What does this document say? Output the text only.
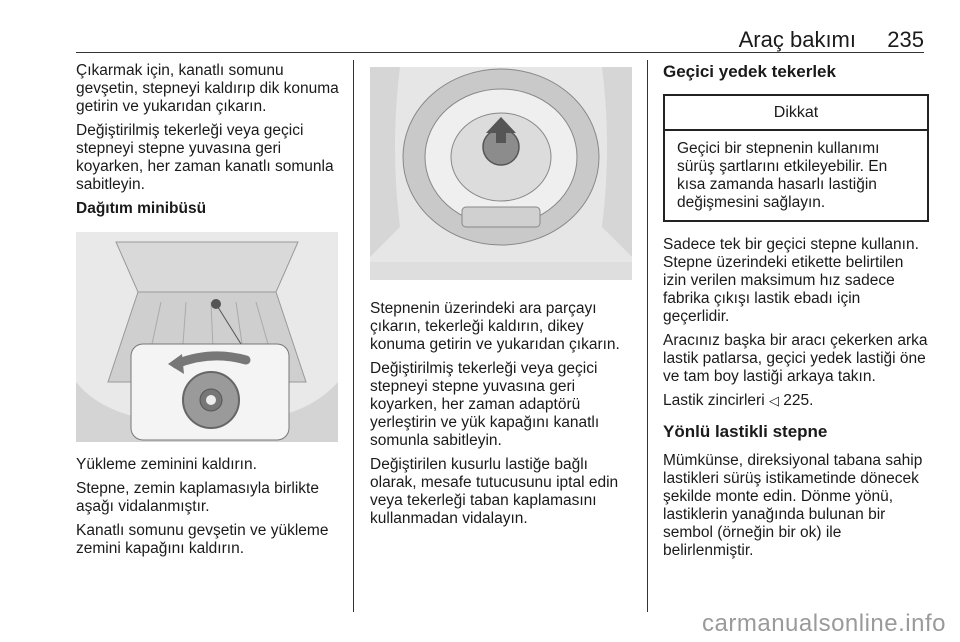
Araç bakımı 235

Çıkarmak için, kanatlı somunu gevşetin, stepneyi kaldırıp dik konuma getirin ve yukarıdan çıkarın.

Değiştirilmiş tekerleği veya geçici stepneyi stepne yuvasına geri koyarken, her zaman kanatlı somunla sabitleyin.

Dağıtım minibüsü

Yükleme zeminini kaldırın.

Stepne, zemin kaplamasıyla birlikte aşağı vidalanmıştır.

Kanatlı somunu gevşetin ve yükleme zemini kapağını kaldırın.

Stepnenin üzerindeki ara parçayı çıkarın, tekerleği kaldırın, dikey konuma getirin ve yukarıdan çıkarın.

Değiştirilmiş tekerleği veya geçici stepneyi stepne yuvasına geri koyarken, her zaman adaptörü yerleştirin ve yük kapağını kanatlı somunla sabitleyin.

Değiştirilen kusurlu lastiğe bağlı olarak, mesafe tutucusunu iptal edin veya tekerleği taban kaplamasını kullanmadan vidalayın.

Geçici yedek tekerlek
Dikkat
Geçici bir stepnenin kullanımı sürüş şartlarını etkileyebilir. En kısa zamanda hasarlı lastiğin değişmesini sağlayın.

Sadece tek bir geçici stepne kullanın. Stepne üzerindeki etikette belirtilen izin verilen maksimum hız sadece fabrika çıkışı lastik ebadı için geçerlidir.

Aracınız başka bir aracı çekerken arka lastik patlarsa, geçici yedek lastiği öne ve tam boy lastiği arkaya takın.

Lastik zincirleri ◁ 225.

Yönlü lastikli stepne

Mümkünse, direksiyonal tabana sahip lastikleri sürüş istikametinde dönecek şekilde monte edin. Dönme yönü, lastiklerin yanağında bulunan bir sembol (örneğin bir ok) ile belirlenmiştir.

carmanualsonline.info
